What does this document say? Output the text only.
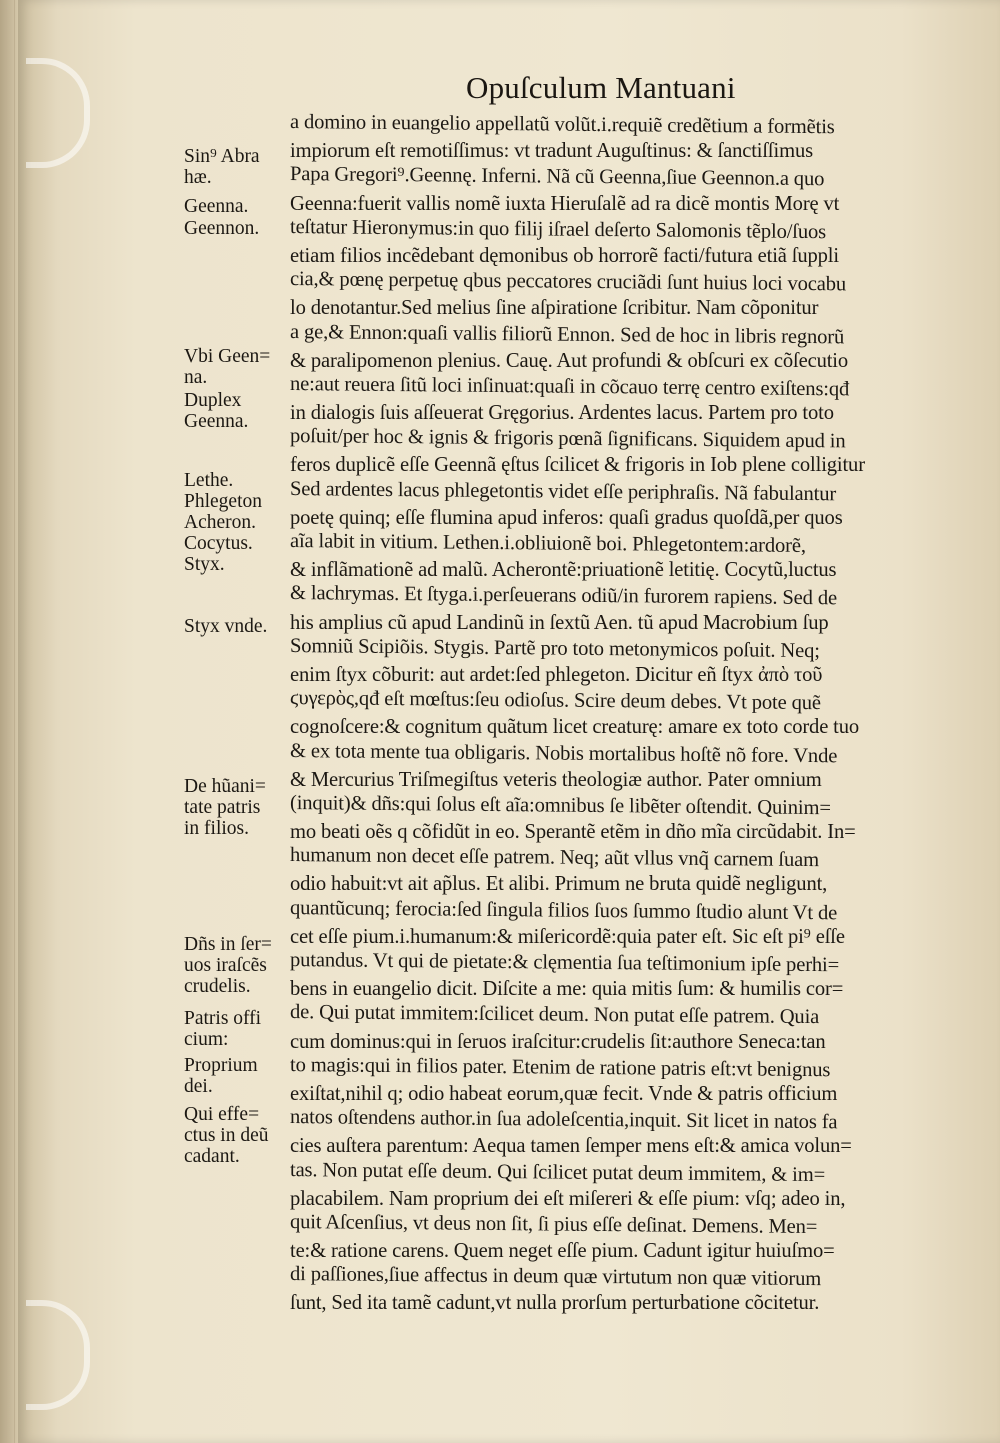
Opuſculum Mantuani
a domino in euangelio appellatũ volũt.i.requiẽ credẽtium a formẽtis
impiorum eſt remotiſſimus: vt tradunt Auguſtinus: & ſanctiſſimus
Papa Gregori⁹.Geennę. Inferni. Nã cũ Geenna,ſiue Geennon.a quo
Geenna:fuerit vallis nomẽ iuxta Hieruſalẽ ad ra dicẽ montis Morę vt
teſtatur Hieronymus:in quo filij iſrael deſerto Salomonis tẽplo/ſuos
etiam filios incẽdebant dęmonibus ob horrorẽ facti/futura etiã ſuppli
cia,& pœnę perpetuę qbus peccatores cruciãdi ſunt huius loci vocabu
lo denotantur.Sed melius ſine aſpiratione ſcribitur. Nam cõponitur
a ge,& Ennon:quaſi vallis filiorũ Ennon. Sed de hoc in libris regnorũ
& paralipomenon plenius. Cauę. Aut profundi & obſcuri ex cõſecutio
ne:aut reuera ſitũ loci inſinuat:quaſi in cõcauo terrę centro exiſtens:qđ
in dialogis ſuis aſſeuerat Gręgorius. Ardentes lacus. Partem pro toto
poſuit/per hoc & ignis & frigoris pœnã ſignificans. Siquidem apud in
feros duplicẽ eſſe Geennã ęſtus ſcilicet & frigoris in Iob plene colligitur
Sed ardentes lacus phlegetontis videt eſſe periphraſis. Nã fabulantur
poetę quinq; eſſe flumina apud inferos: quaſi gradus quoſdã,per quos
aĩa labit in vitium. Lethen.i.obliuionẽ boi. Phlegetontem:ardorẽ,
& inflãmationẽ ad malũ. Acherontẽ:priuationẽ letitię. Cocytũ,luctus
& lachrymas. Et ſtyga.i.perſeuerans odiũ/in furorem rapiens. Sed de
his amplius cũ apud Landinũ in ſextũ Aen. tũ apud Macrobium ſup
Somniũ Scipiõis. Stygis. Partẽ pro toto metonymicos poſuit. Neq;
enim ſtyx cõburit: aut ardet:ſed phlegeton. Dicitur eñ ſtyx ἀπὸ τοῦ
ϛυγερὸς,qđ eſt mœſtus:ſeu odioſus. Scire deum debes. Vt pote quẽ
cognoſcere:& cognitum quãtum licet creaturę: amare ex toto corde tuo
& ex tota mente tua obligaris. Nobis mortalibus hoſtẽ nõ fore. Vnde
& Mercurius Triſmegiſtus veteris theologiæ author. Pater omnium
(inquit)& dñs:qui ſolus eſt aĩa:omnibus ſe libẽter oſtendit. Quinim=
mo beati oẽs q cõfidũt in eo. Sperantẽ etẽm in dño mĩa circũdabit. In=
humanum non decet eſſe patrem. Neq; aũt vllus vnq̃ carnem ſuam
odio habuit:vt ait ap̃lus. Et alibi. Primum ne bruta quidẽ negligunt,
quantũcunq; ferocia:ſed ſingula filios ſuos ſummo ſtudio alunt Vt de
cet eſſe pium.i.humanum:& miſericordẽ:quia pater eſt. Sic eſt pi⁹ eſſe
putandus. Vt qui de pietate:& clęmentia ſua teſtimonium ipſe perhi=
bens in euangelio dicit. Diſcite a me: quia mitis ſum: & humilis cor=
de. Qui putat immitem:ſcilicet deum. Non putat eſſe patrem. Quia
cum dominus:qui in ſeruos iraſcitur:crudelis ſit:authore Seneca:tan
to magis:qui in filios pater. Etenim de ratione patris eſt:vt benignus
exiſtat,nihil q; odio habeat eorum,quæ fecit. Vnde & patris officium
natos oſtendens author.in ſua adoleſcentia,inquit. Sit licet in natos fa
cies auſtera parentum: Aequa tamen ſemper mens eſt:& amica volun=
tas. Non putat eſſe deum. Qui ſcilicet putat deum immitem, & im=
placabilem. Nam proprium dei eſt miſereri & eſſe pium: vſq; adeo in,
quit Aſcenſius, vt deus non ſit, ſi pius eſſe deſinat. Demens. Men=
te:& ratione carens. Quem neget eſſe pium. Cadunt igitur huiuſmo=
di paſſiones,ſiue affectus in deum quæ virtutum non quæ vitiorum
ſunt, Sed ita tamẽ cadunt,vt nulla prorſum perturbatione cõcitetur.
Sin⁹ Abra
hæ.
Geenna.
Geennon.
Vbi Geen=
na.
Duplex
Geenna.
Lethe.
Phlegeton
Acheron.
Cocytus.
Styx.
Styx vnde.
De hũani=
tate patris
in filios.
Dñs in ſer=
uos iraſcẽs
crudelis.
Patris offi
cium:
Proprium
dei.
Qui effe=
ctus in deũ
cadant.
